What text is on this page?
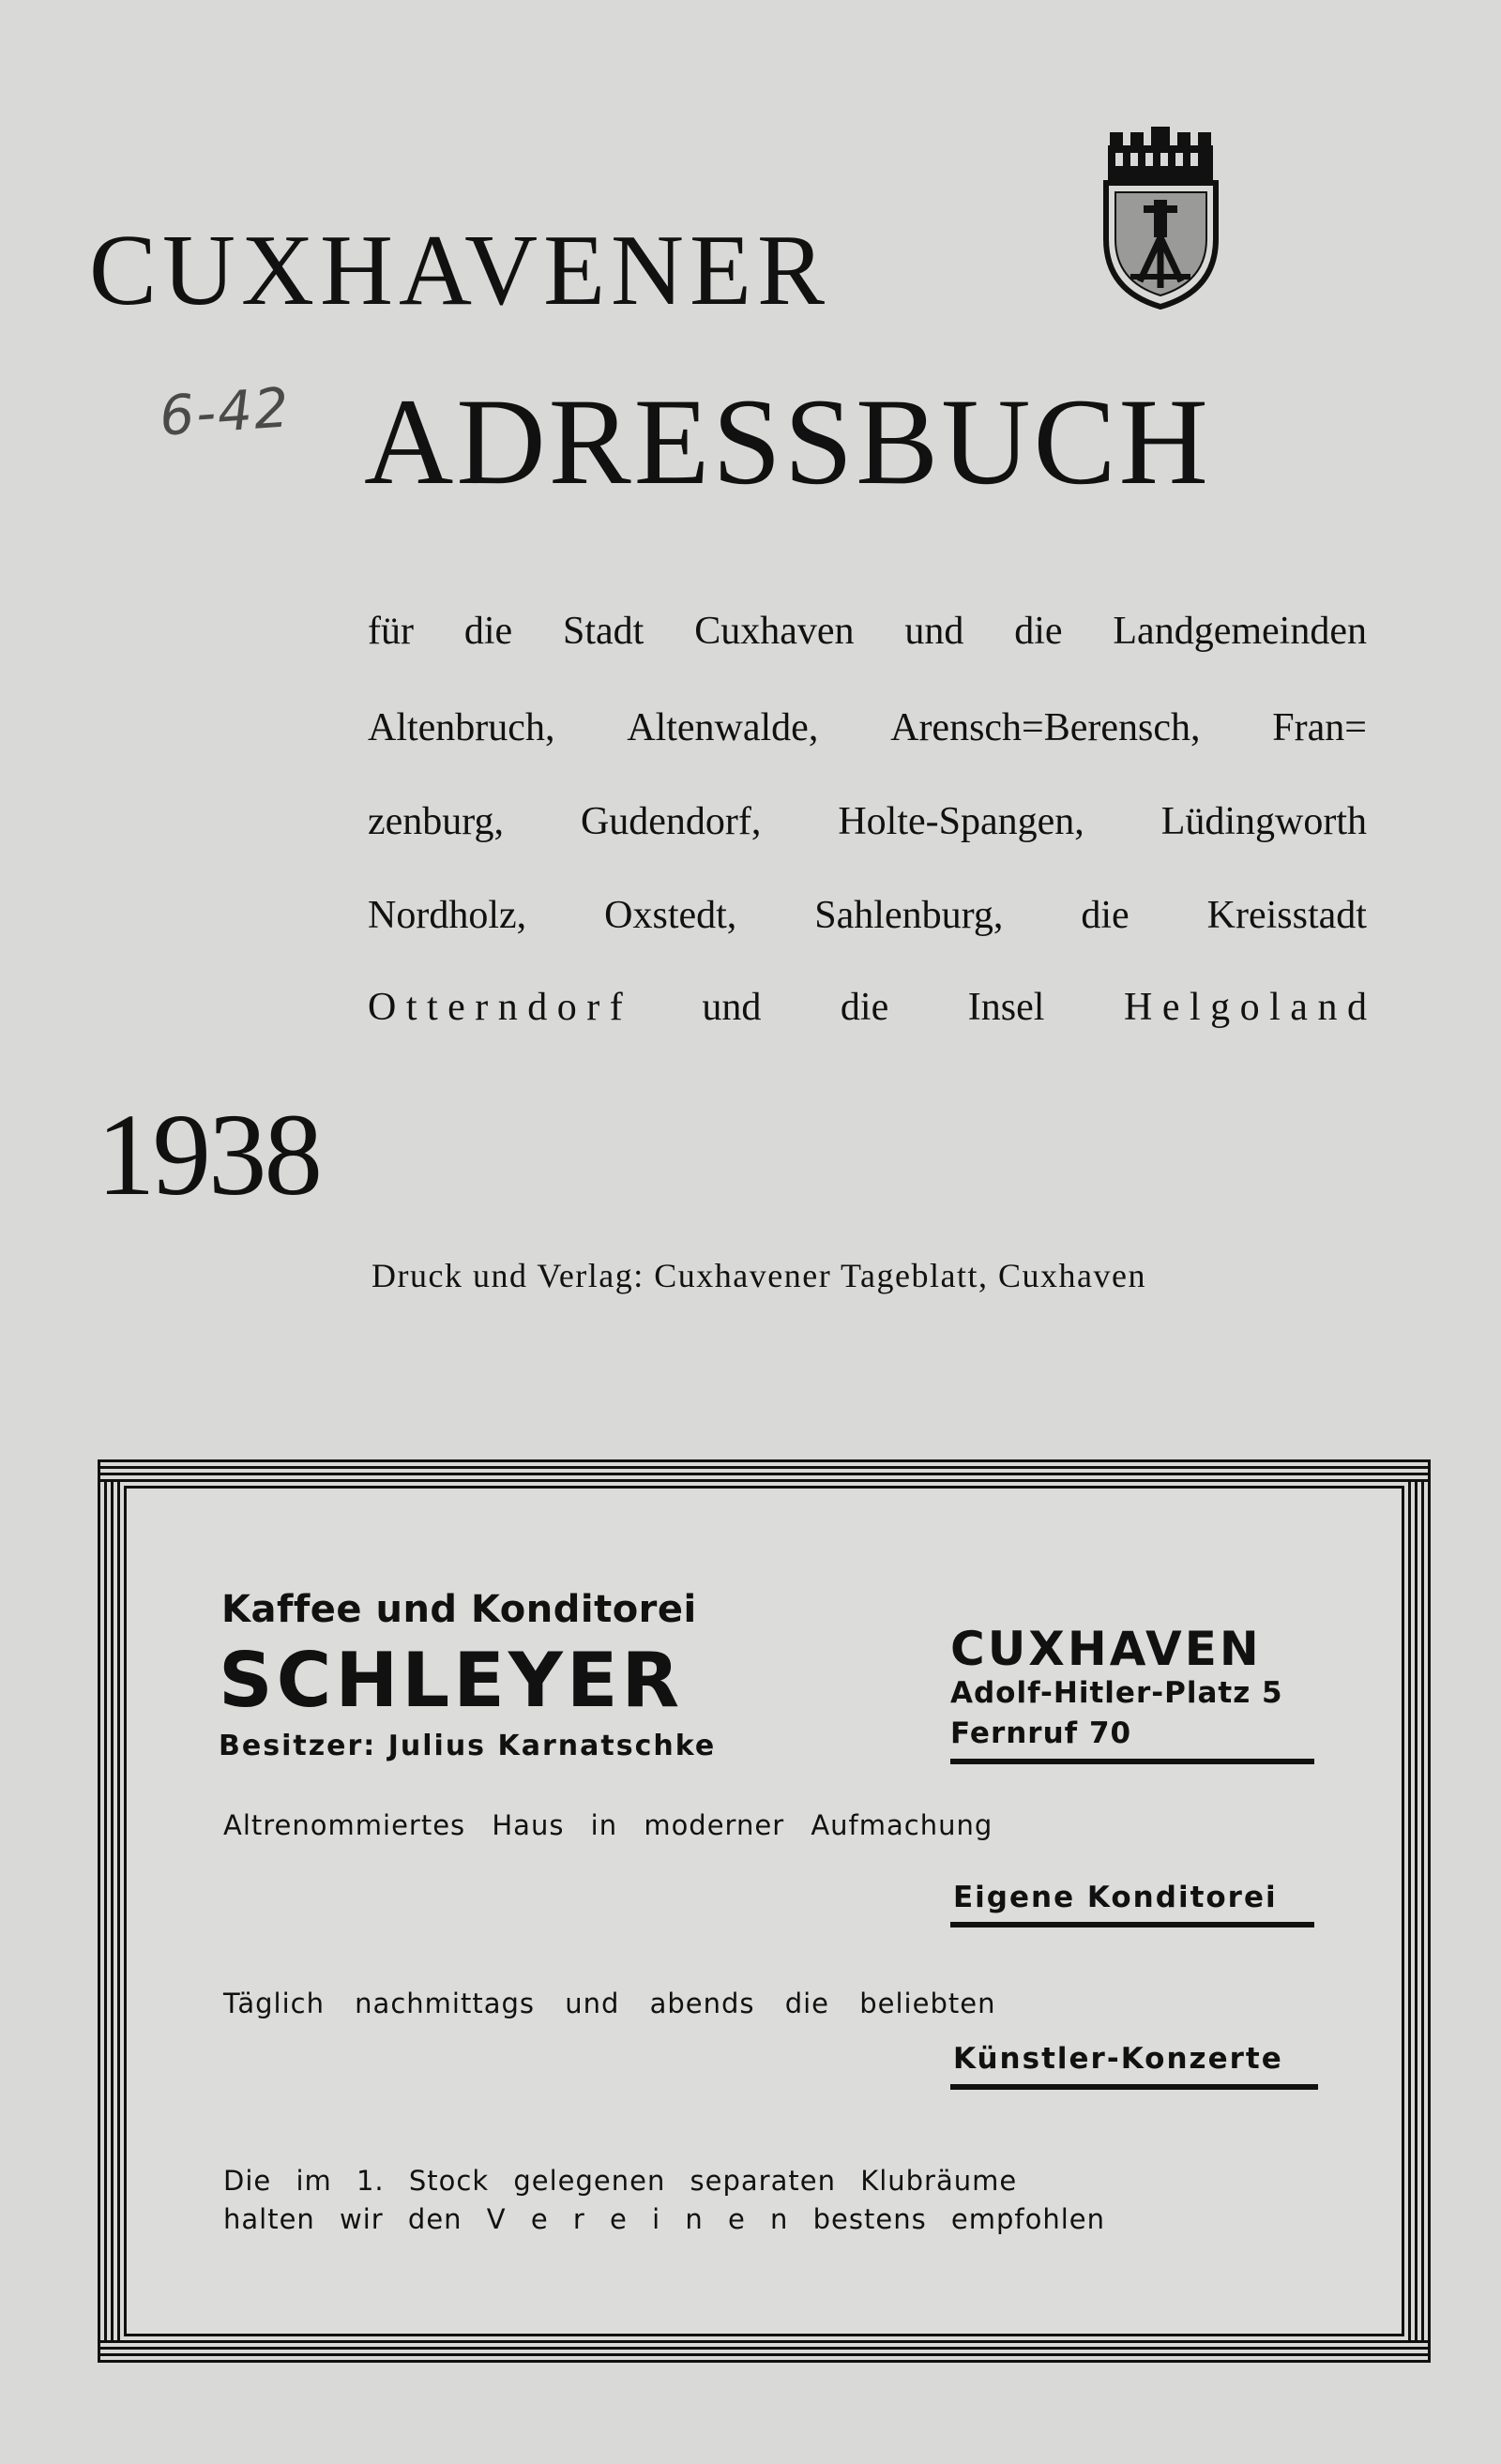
CUXHAVENER
6-42 ADRESSBUCH
für die Stadt Cuxhaven und die Landgemeinden
Altenbruch, Altenwalde, Arensch=Berensch, Fran=
zenburg, Gudendorf, Holte-Spangen, Lüdingworth
Nordholz, Oxstedt, Sahlenburg, die Kreisstadt
O t t e r n d o r f und die Insel H e l g o l a n d
1938
Druck und Verlag: Cuxhavener Tageblatt, Cuxhaven
Kaffee und Konditorei
SCHLEYER
Besitzer: Julius Karnatschke
CUXHAVEN
Adolf-Hitler-Platz 5
Fernruf 70
Altrenommiertes Haus in moderner Aufmachung
Eigene Konditorei
Täglich nachmittags und abends die beliebten
Künstler-Konzerte
Die im 1. Stock gelegenen separaten Klubräume
halten wir den V e r e i n e n bestens empfohlen
